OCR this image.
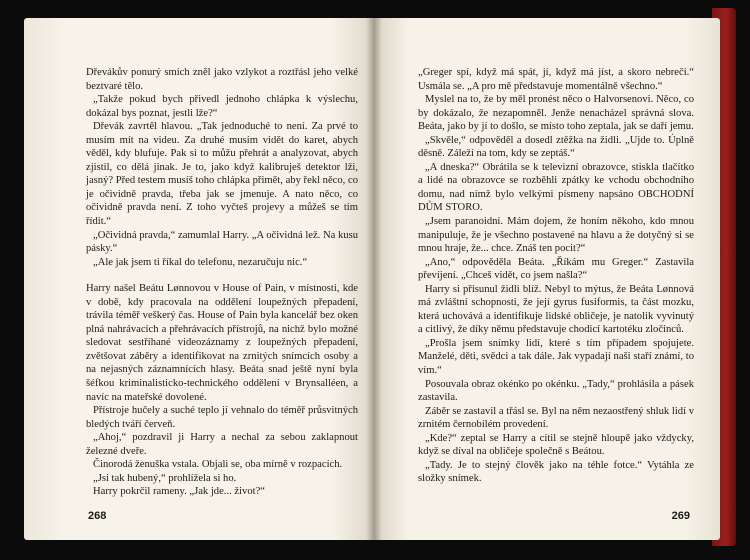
Dřevákův ponurý smích zněl jako vzlykot a roztřásl jeho velké beztvaré tělo.

„Takže pokud bych přivedl jednoho chlápka k výslechu, dokázal bys poznat, jestli lže?“

Dřevák zavrtěl hlavou. „Tak jednoduché to není. Za prvé to musím mít na videu. Za druhé musím vidět do karet, abych věděl, kdy blufuje. Pak si to můžu přehrát a analyzovat, abych zjistil, co dělá jinak. Je to, jako když kalibruješ detektor lži, jasný? Před testem musíš toho chlápka přimět, aby řekl něco, co je očividně pravda, třeba jak se jmenuje. A nato něco, co očividně pravda není. Z toho vyčteš projevy a můžeš se tím řídit.“

„Očividná pravda,“ zamumlal Harry. „A očividná lež. Na kusu pásky.“

„Ale jak jsem ti říkal do telefonu, nezaručuju nic.“

Harry našel Beátu Lønnovou v House of Pain, v místnosti, kde v době, kdy pracovala na oddělení loupežných přepadení, trávila téměř veškerý čas. House of Pain byla kancelář bez oken plná nahrávacích a přehrávacích přístrojů, na nichž bylo možné sledovat sestříhané videozáznamy z loupežných přepadení, zvětšovat záběry a identifikovat na zrnitých snímcích osoby a na nejasných záznamnících hlasy. Beáta snad ještě nyní byla šéfkou kriminalisticko-technického oddělení v Brynsalléen, a navíc na mateřské dovolené.

Přístroje hučely a suché teplo jí vehnalo do téměř průsvitných bledých tváří červeň.

„Ahoj,“ pozdravil ji Harry a nechal za sebou zaklapnout železné dveře.

Činorodá ženuška vstala. Objali se, oba mírně v rozpacích.

„Jsi tak hubený,“ prohlížela si ho.

Harry pokrčil rameny. „Jak jde... život?“

268

„Greger spí, když má spát, jí, když má jíst, a skoro nebrečí.“ Usmála se. „A pro mě představuje momentálně všechno.“

Myslel na to, že by měl pronést něco o Halvorsenovi. Něco, co by dokázalo, že nezapomněl. Jenže nenacházel správná slova. Beáta, jako by jí to došlo, se místo toho zeptala, jak se daří jemu.

„Skvěle,“ odpověděl a dosedl ztěžka na židli. „Ujde to. Úplně děsně. Záleží na tom, kdy se zeptáš.“

„A dneska?“ Obrátila se k televizní obrazovce, stiskla tlačítko a lidé na obrazovce se rozběhli zpátky ke vchodu obchodního domu, nad nímž bylo velkými písmeny napsáno OBCHODNÍ DŮM STORO.

„Jsem paranoidní. Mám dojem, že honím někoho, kdo mnou manipuluje, že je všechno postavené na hlavu a že dotyčný si se mnou hraje, že... chce. Znáš ten pocit?“

„Ano,“ odpověděla Beáta. „Říkám mu Greger.“ Zastavila převíjení. „Chceš vidět, co jsem našla?“

Harry si přisunul židli blíž. Nebyl to mýtus, že Beáta Lønnová má zvláštní schopnosti, že její gyrus fusiformis, ta část mozku, která uchovává a identifikuje lidské obličeje, je natolik vyvinutý a citlivý, že díky němu představuje chodicí kartotéku zločinců.

„Prošla jsem snímky lidí, které s tím případem spojujete. Manželé, děti, svědci a tak dále. Jak vypadají naši staří známí, to vím.“

Posouvala obraz okénko po okénku. „Tady,“ prohlásila a pásek zastavila.

Záběr se zastavil a třásl se. Byl na něm nezaostřený shluk lidí v zrnitém černobílém provedení.

„Kde?“ zeptal se Harry a cítil se stejně hloupě jako vždycky, když se díval na obličeje společně s Beátou.

„Tady. Je to stejný člověk jako na téhle fotce.“ Vytáhla ze složky snímek.

269
